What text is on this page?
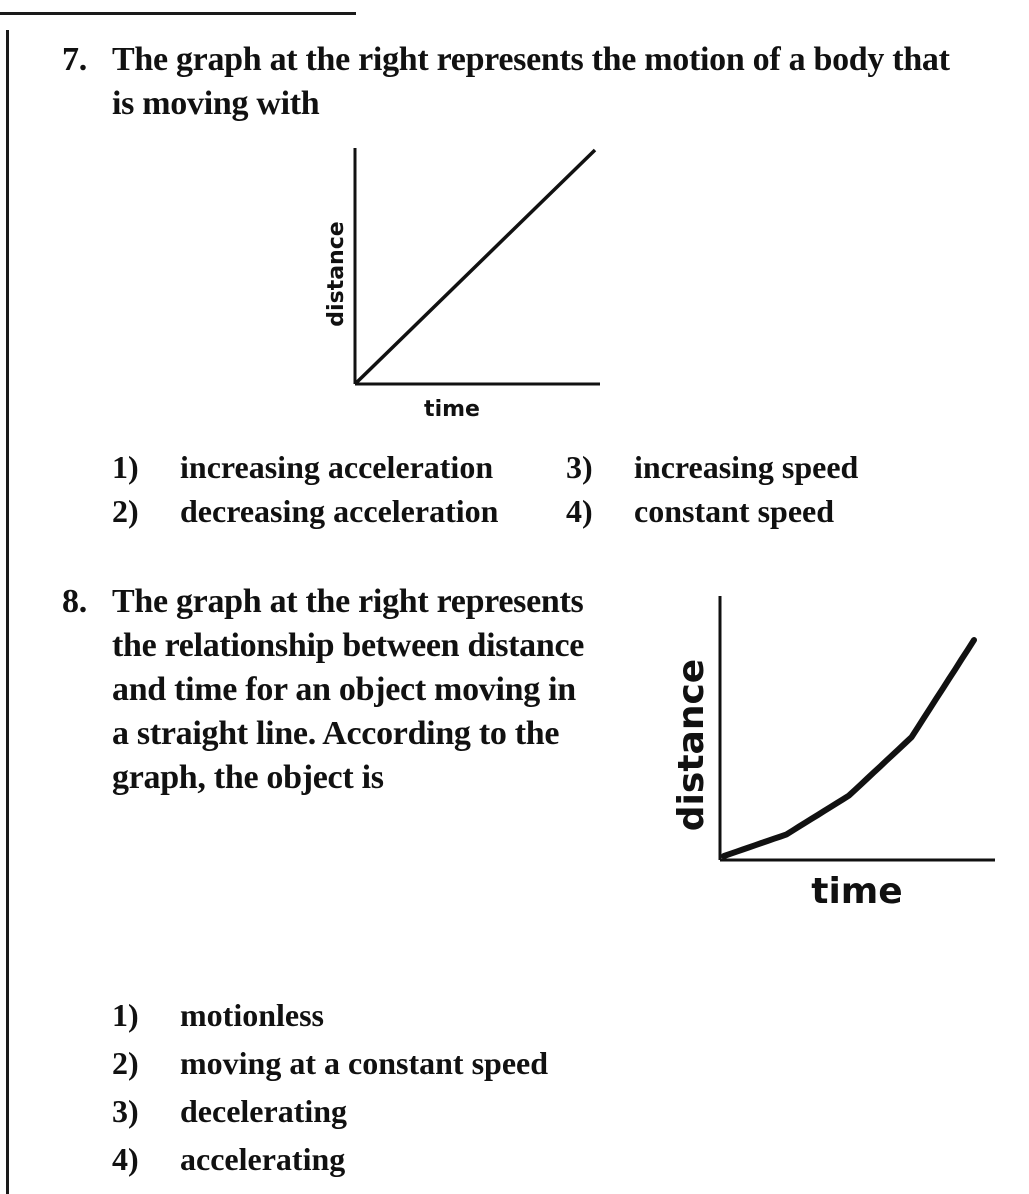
7. The graph at the right represents the motion of a body that
is moving with
distance
time
1) increasing acceleration 3) increasing speed
2) decreasing acceleration 4) constant speed
8. The graph at the right represents
the relationship between distance
and time for an object moving in
a straight line. According to the
graph, the object is	distance
time
1) motionless
2) moving at a constant speed
3) decelerating
4) accelerating
